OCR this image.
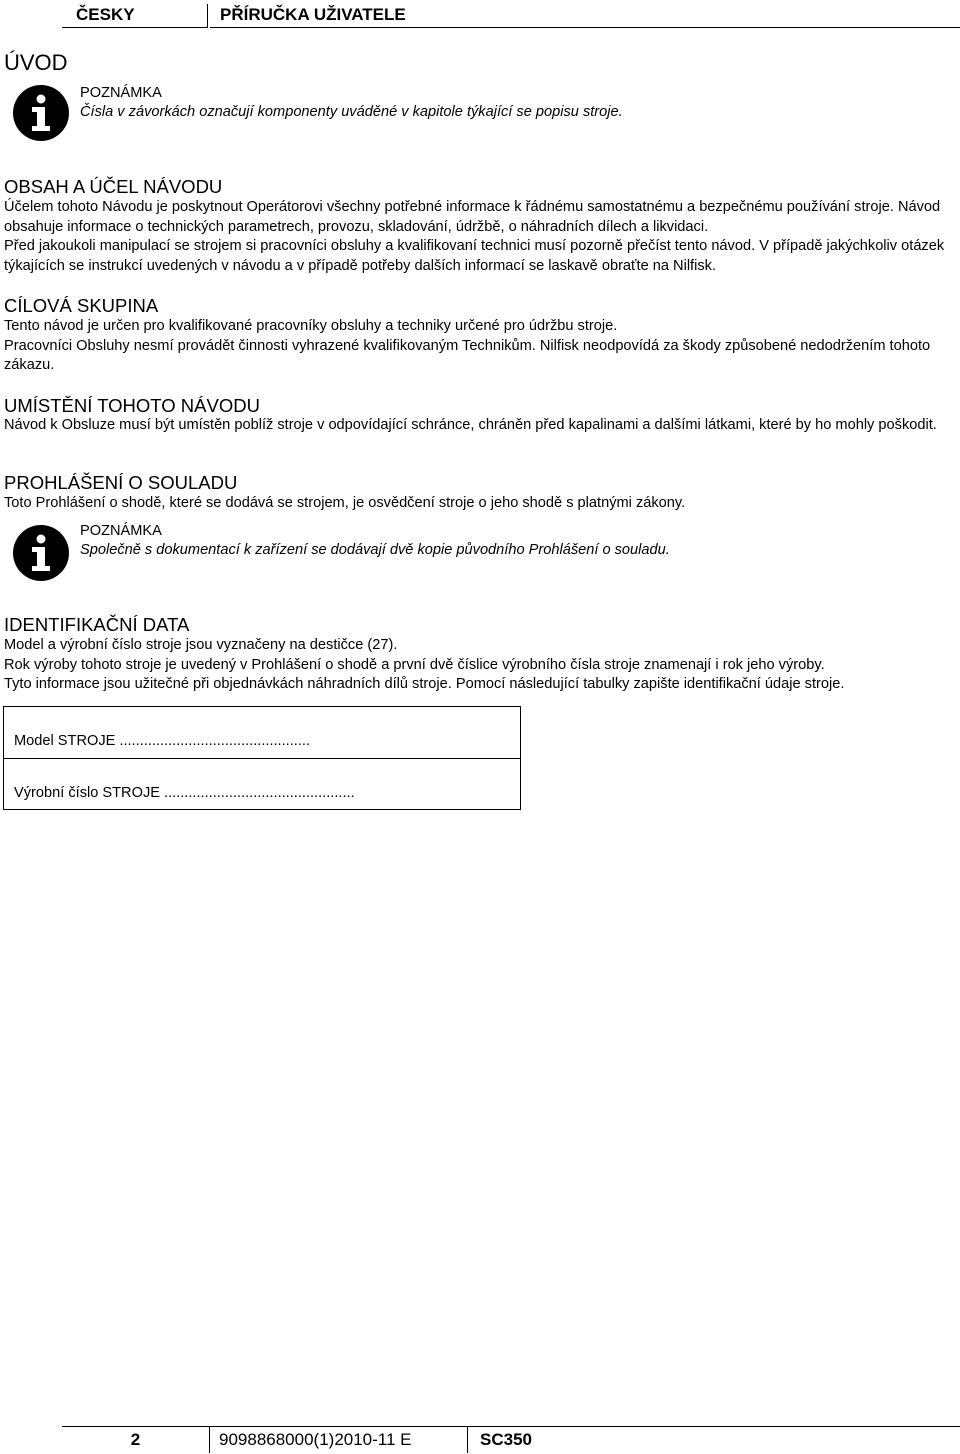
ČESKY	PŘÍRUČKA UŽIVATELE
ÚVOD
POZNÁMKA
Čísla v závorkách označují komponenty uváděné v kapitole týkající se popisu stroje.
OBSAH A ÚČEL NÁVODU

Účelem tohoto Návodu je poskytnout Operátorovi všechny potřebné informace k řádnému samostatnému a bezpečnému používání stroje. Návod obsahuje informace o technických parametrech, provozu, skladování, údržbě, o náhradních dílech a likvidaci.

Před jakoukoli manipulací se strojem si pracovníci obsluhy a kvalifikovaní technici musí pozorně přečíst tento návod. V případě jakýchkoliv otázek týkajících se instrukcí uvedených v návodu a v případě potřeby dalších informací se laskavě obraťte na Nilfisk.

CÍLOVÁ SKUPINA

Tento návod je určen pro kvalifikované pracovníky obsluhy a techniky určené pro údržbu stroje.

Pracovníci Obsluhy nesmí provádět činnosti vyhrazené kvalifikovaným Technikům. Nilfisk neodpovídá za škody způsobené nedodržením tohoto zákazu.

UMÍSTĚNÍ TOHOTO NÁVODU

Návod k Obsluze musí být umístěn poblíž stroje v odpovídající schránce, chráněn před kapalinami a dalšími látkami, které by ho mohly poškodit.

PROHLÁŠENÍ O SOULADU

Toto Prohlášení o shodě, které se dodává se strojem, je osvědčení stroje o jeho shodě s platnými zákony.

POZNÁMKA
Společně s dokumentací k zařízení se dodávají dvě kopie původního Prohlášení o souladu.
IDENTIFIKAČNÍ DATA

Model a výrobní číslo stroje jsou vyznačeny na destičce (27).

Rok výroby tohoto stroje je uvedený v Prohlášení o shodě a první dvě číslice výrobního čísla stroje znamenají i rok jeho výroby.

Tyto informace jsou užitečné při objednávkách náhradních dílů stroje. Pomocí následující tabulky zapište identifikační údaje stroje.

Model STROJE ...............................................
Výrobní číslo STROJE ...............................................
2	9098868000(1)2010-11 E	SC350
